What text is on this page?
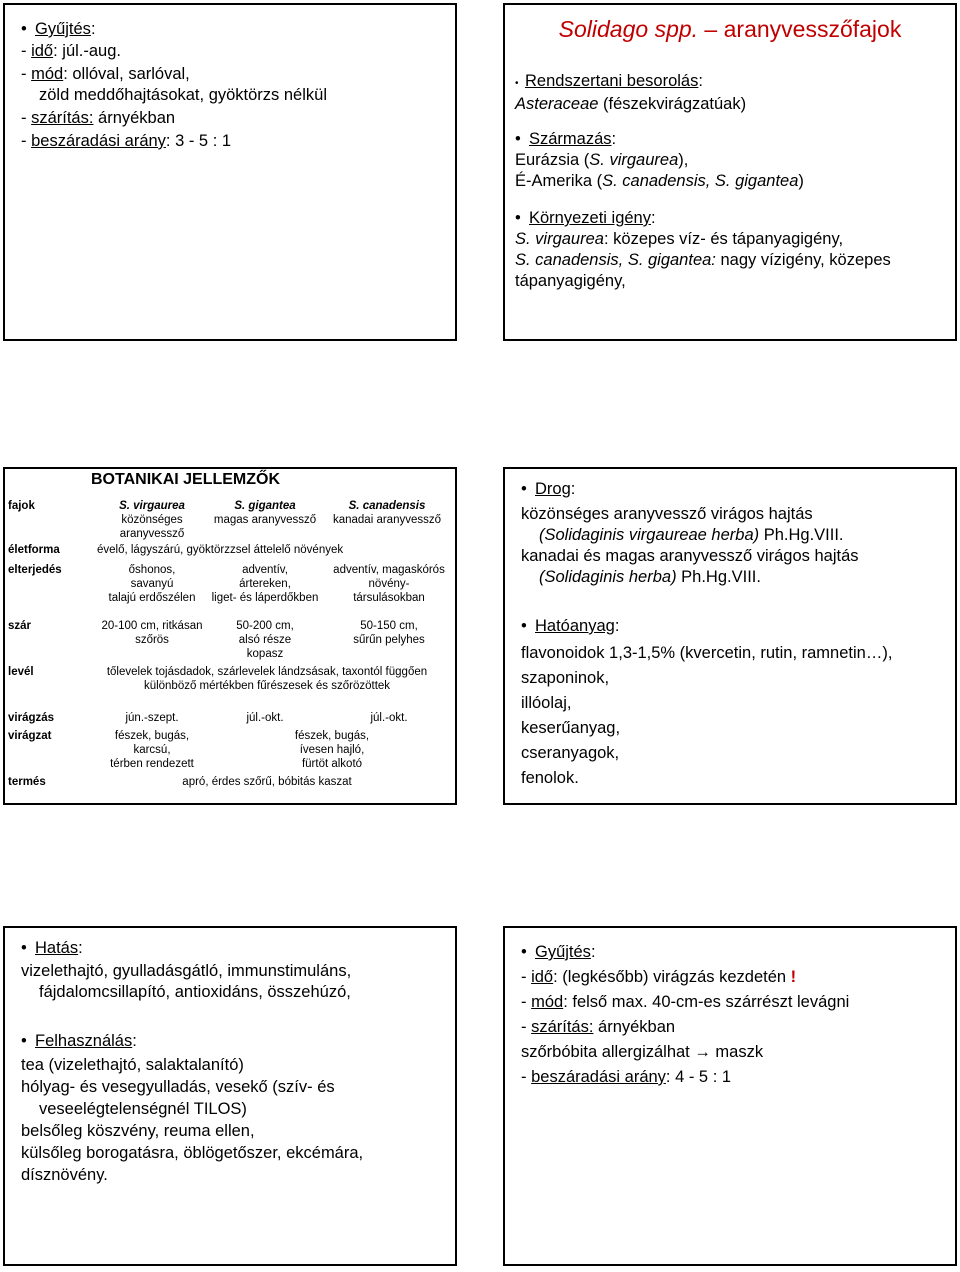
• Gyűjtés:
- idő: júl.-aug.
- mód: ollóval, sarlóval,
zöld meddőhajtásokat, gyöktörzs nélkül
- szárítás: árnyékban
- beszáradási arány: 3 - 5 : 1
Solidago spp. – aranyvesszőfajok
• Rendszertani besorolás:
Asteraceae (fészekvirágzatúak)
• Származás:
Eurázsia (S. virgaurea),
É-Amerika (S. canadensis, S. gigantea)
• Környezeti igény:
S. virgaurea: közepes víz- és tápanyagigény,
S. canadensis, S. gigantea: nagy vízigény, közepes
tápanyagigény,
BOTANIKAI JELLEMZŐK
fajok
életforma
elterjedés
szár
levél
virágzás
virágzat
termés
S. virgaurea
közönséges
aranyvessző
S. gigantea
magas aranyvessző
S. canadensis
kanadai aranyvessző
évelő, lágyszárú, gyöktörzzsel áttelelő növények
őshonos,
savanyú
talajú erdőszélen
adventív,
ártereken,
liget- és láperdőkben
adventív, magaskórós
növény-
társulásokban
20-100 cm, ritkásan
szőrös
50-200 cm,
alsó része
kopasz
50-150 cm,
sűrűn pelyhes
tőlevelek tojásdadok, szárlevelek lándzsásak, taxontól függően
különböző mértékben fűrészesek és szőrözöttek
jún.-szept.	júl.-okt.	júl.-okt.
fészek, bugás,
karcsú,
térben rendezett
fészek, bugás,
ívesen hajló,
fürtöt alkotó
apró, érdes szőrű, bóbitás kaszat
• Drog:
közönséges aranyvessző virágos hajtás
(Solidaginis virgaureae herba) Ph.Hg.VIII.
kanadai és magas aranyvessző virágos hajtás
(Solidaginis herba) Ph.Hg.VIII.
• Hatóanyag:
flavonoidok 1,3-1,5% (kvercetin, rutin, ramnetin…),
szaponinok,
illóolaj,
keserűanyag,
cseranyagok,
fenolok.
• Hatás:
vizelethajtó, gyulladásgátló, immunstimuláns,
fájdalomcsillapító, antioxidáns, összehúzó,
• Felhasználás:
tea (vizelethajtó, salaktalanító)
hólyag- és vesegyulladás, vesekő (szív- és
veseelégtelenségnél TILOS)
belsőleg köszvény, reuma ellen,
külsőleg borogatásra, öblögetőszer, ekcémára,
dísznövény.
• Gyűjtés:
- idő: (legkésőbb) virágzás kezdetén !
- mód: felső max. 40-cm-es szárrészt levágni
- szárítás: árnyékban
szőrbóbita allergizálhat → maszk
- beszáradási arány: 4 - 5 : 1
